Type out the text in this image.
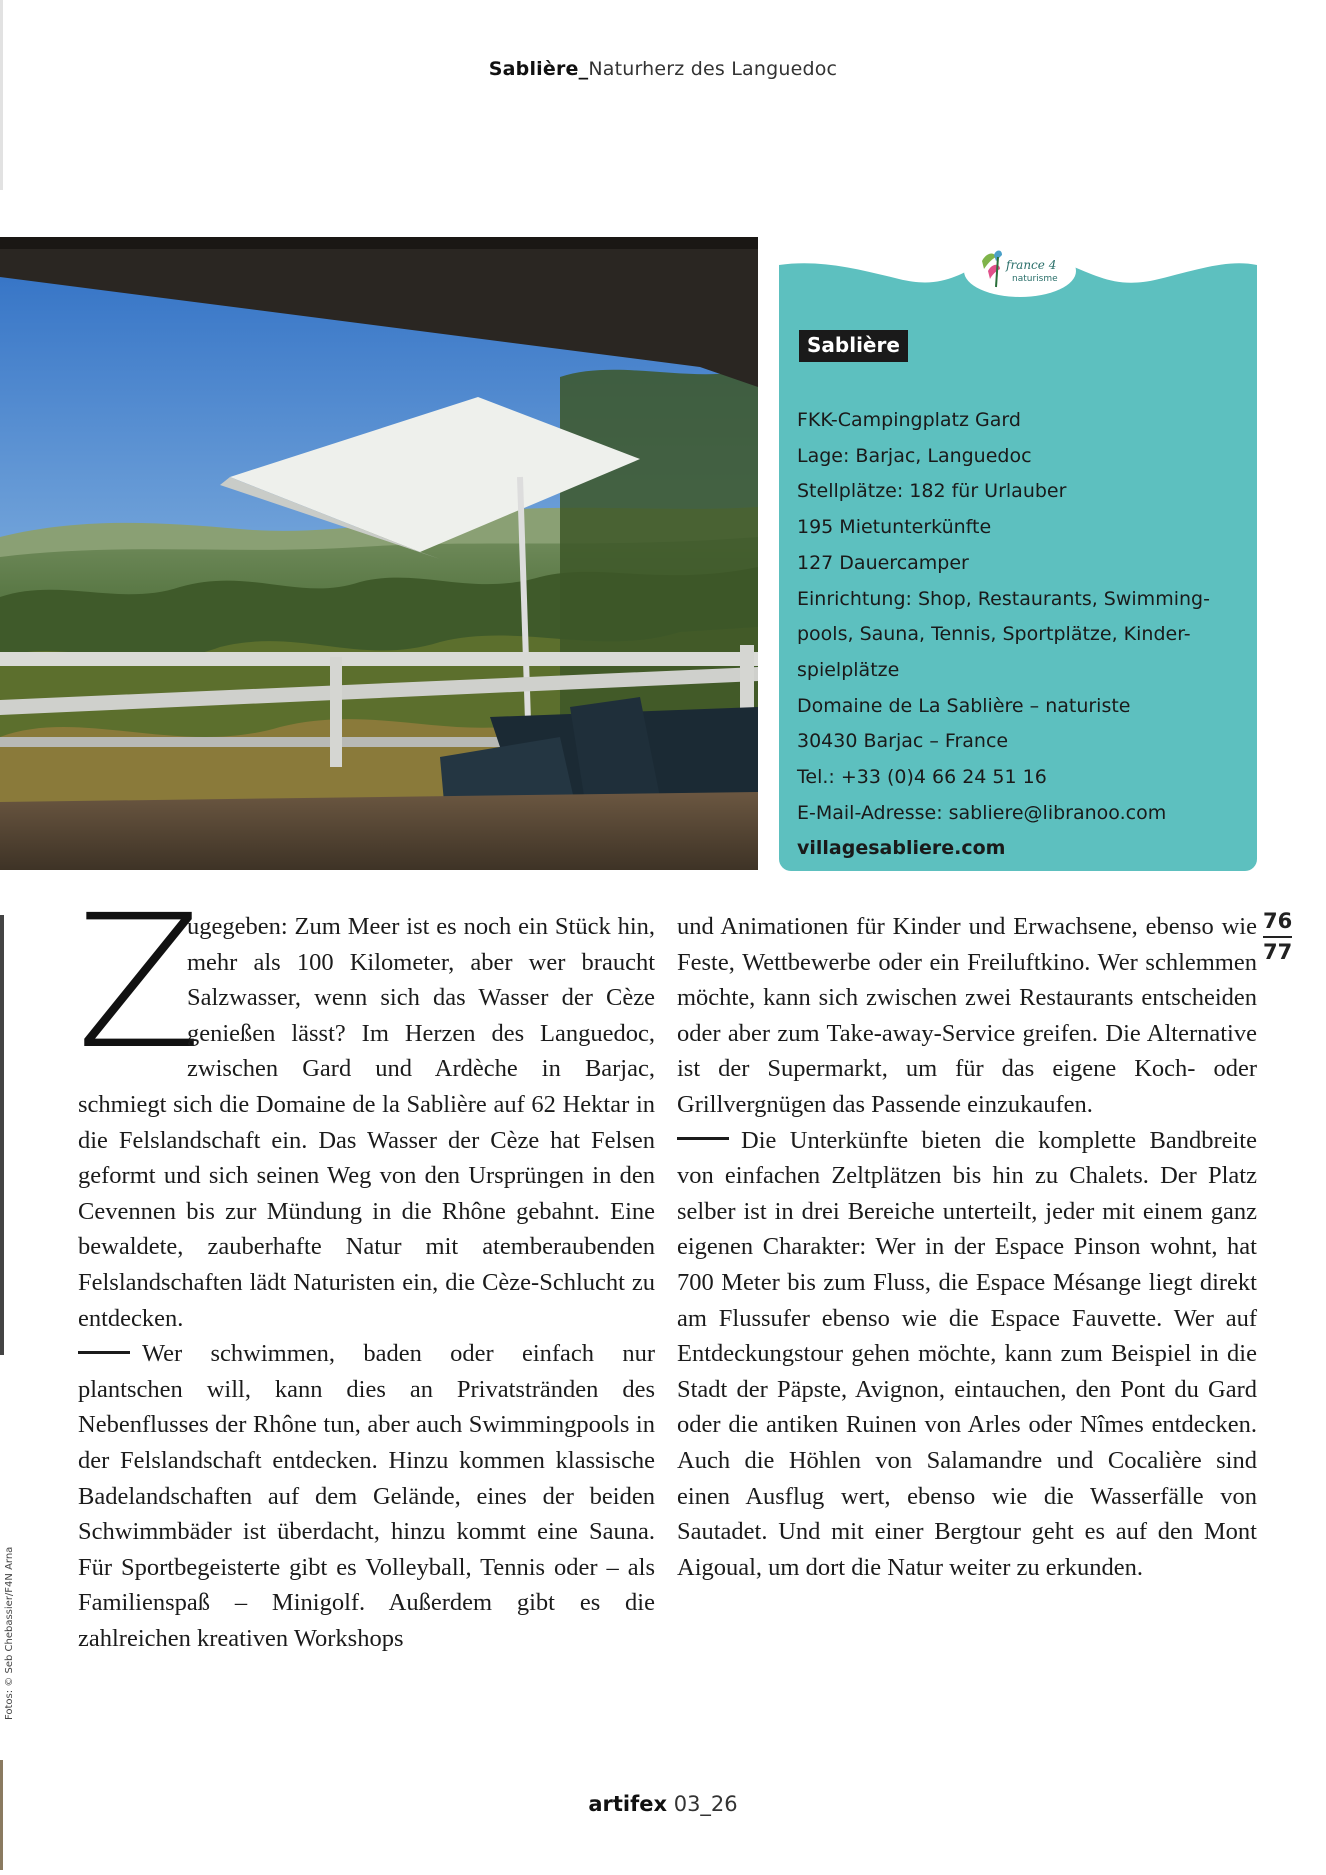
Sablière_Naturherz des Languedoc
france 4
naturisme
Sablière
FKK-Campingplatz Gard
Lage: Barjac, Languedoc
Stellplätze: 182 für Urlauber
195 Mietunterkünfte
127 Dauercamper
Einrichtung: Shop, Restaurants, Swimming-
pools, Sauna, Tennis, Sportplätze, Kinder-
spielplätze
Domaine de La Sablière – naturiste
30430 Barjac – France
Tel.: +33 (0)4 66 24 51 16
E-Mail-Adresse: sabliere@libranoo.com
villagesabliere.com
Z

ugegeben: Zum Meer ist es noch ein Stück hin, mehr als 100 Kilometer, aber wer braucht Salzwasser, wenn sich das Wasser der Cèze genießen lässt? Im Herzen des Languedoc, zwischen Gard und Ardèche in Barjac, schmiegt sich die Domaine de la Sablière auf 62 Hektar in die Felslandschaft ein. Das Wasser der Cèze hat Felsen geformt und sich seinen Weg von den Ursprüngen in den Cevennen bis zur Mündung in die Rhône gebahnt. Eine bewaldete, zauberhafte Natur mit atemberaubenden Felslandschaften lädt Naturisten ein, die Cèze-Schlucht zu entdecken.

Wer schwimmen, baden oder einfach nur plantschen will, kann dies an Privatstränden des Nebenflusses der Rhône tun, aber auch Swimmingpools in der Felslandschaft entdecken. Hinzu kommen klassische Badelandschaften auf dem Gelände, eines der beiden Schwimmbäder ist überdacht, hinzu kommt eine Sauna. Für Sportbegeisterte gibt es Volleyball, Tennis oder – als Familienspaß – Minigolf. Außerdem gibt es die zahlreichen kreativen Workshops

und Animationen für Kinder und Erwachsene, ebenso wie Feste, Wettbewerbe oder ein Freiluftkino. Wer schlemmen möchte, kann sich zwischen zwei Restaurants entscheiden oder aber zum Take-away-Service greifen. Die Alternative ist der Supermarkt, um für das eigene Koch- oder Grillvergnügen das Passende einzukaufen.

Die Unterkünfte bieten die komplette Bandbreite von einfachen Zeltplätzen bis hin zu Chalets. Der Platz selber ist in drei Bereiche unterteilt, jeder mit einem ganz eigenen Charakter: Wer in der Espace Pinson wohnt, hat 700 Meter bis zum Fluss, die Espace Mésange liegt direkt am Flussufer ebenso wie die Espace Fauvette. Wer auf Entdeckungstour gehen möchte, kann zum Beispiel in die Stadt der Päpste, Avignon, eintauchen, den Pont du Gard oder die antiken Ruinen von Arles oder Nîmes entdecken. Auch die Höhlen von Salamandre und Cocalière sind einen Ausflug wert, ebenso wie die Wasserfälle von Sautadet. Und mit einer Bergtour geht es auf den Mont Aigoual, um dort die Natur weiter zu erkunden.

76
77
Fotos: © Seb Chebassier/F4N Arna
artifex 03_26
